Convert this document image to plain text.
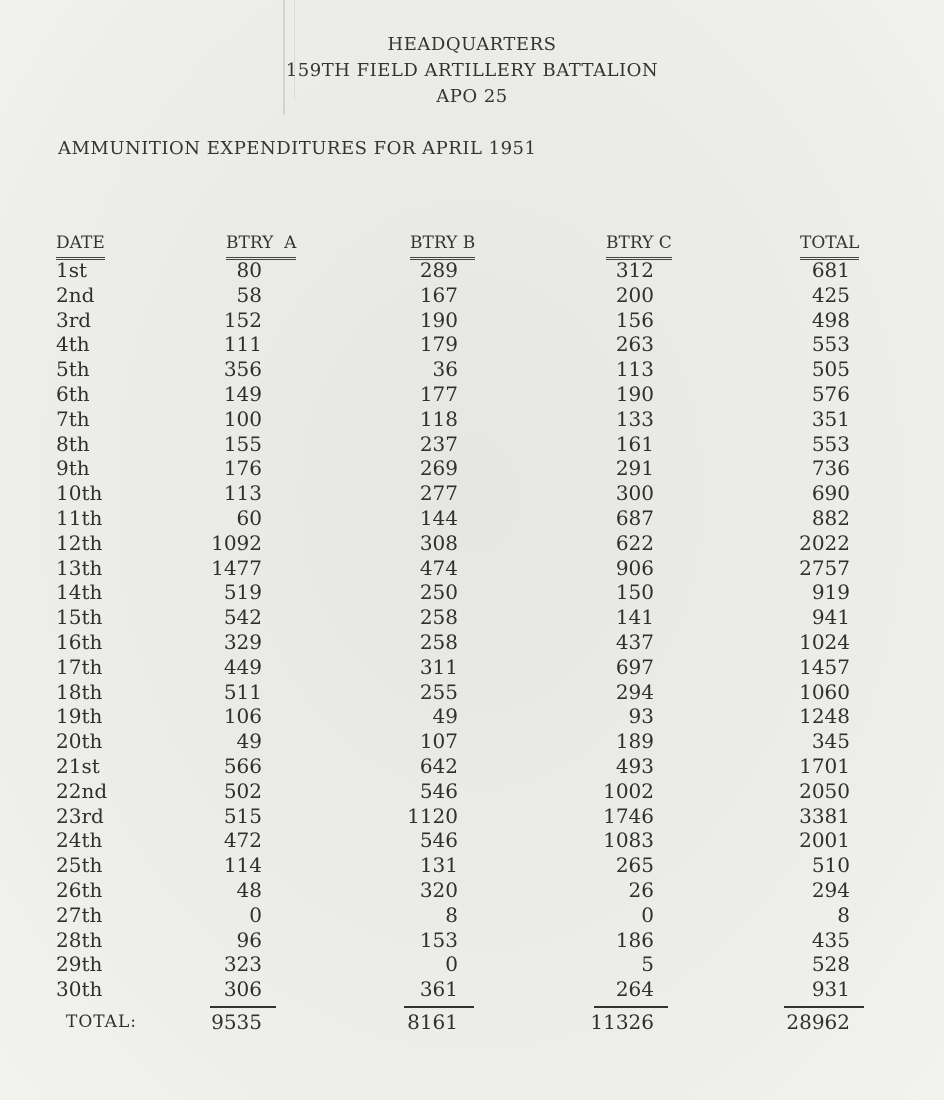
HEADQUARTERS
159TH FIELD ARTILLERY BATTALION
APO 25
AMMUNITION EXPENDITURES FOR APRIL 1951
DATE	BTRY  A	BTRY B	BTRY C	TOTAL
1st	80	289	312	681
2nd	58	167	200	425
3rd	152	190	156	498
4th	111	179	263	553
5th	356	36	113	505
6th	149	177	190	576
7th	100	118	133	351
8th	155	237	161	553
9th	176	269	291	736
10th	113	277	300	690
11th	60	144	687	882
12th	1092	308	622	2022
13th	1477	474	906	2757
14th	519	250	150	919
15th	542	258	141	941
16th	329	258	437	1024
17th	449	311	697	1457
18th	511	255	294	1060
19th	106	49	93	1248
20th	49	107	189	345
21st	566	642	493	1701
22nd	502	546	1002	2050
23rd	515	1120	1746	3381
24th	472	546	1083	2001
25th	114	131	265	510
26th	48	320	26	294
27th	0	8	0	8
28th	96	153	186	435
29th	323	0	5	528
30th	306	361	264	931
TOTAL:	9535	8161	11326	28962
